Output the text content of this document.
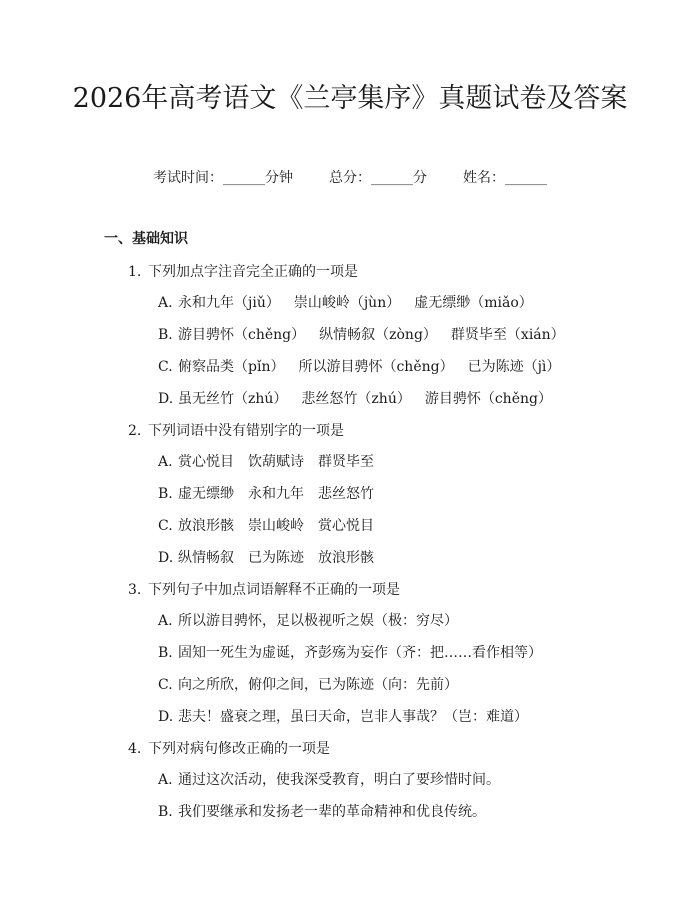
2026年高考语文《兰亭集序》真题试卷及答案
考试时间：______分钟	总分：______分	姓名：______
一、基础知识
1. 下列加点字注音完全正确的一项是
A. 永和九年（jiǔ） 崇山峻岭（jùn） 虚无缥缈（miǎo）
B. 游目骋怀（chěng） 纵情畅叙（zòng） 群贤毕至（xián）
C. 俯察品类（pǐn） 所以游目骋怀（chěng） 已为陈迹（jì）
D. 虽无丝竹（zhú） 悲丝怒竹（zhú） 游目骋怀（chěng）
2. 下列词语中没有错别字的一项是
A. 赏心悦目 饮葫赋诗 群贤毕至
B. 虚无缥缈 永和九年 悲丝怒竹
C. 放浪形骸 崇山峻岭 赏心悦目
D. 纵情畅叙 已为陈迹 放浪形骸
3. 下列句子中加点词语解释不正确的一项是
A. 所以游目骋怀，足以极视听之娱（极：穷尽）
B. 固知一死生为虚诞，齐彭殇为妄作（齐：把……看作相等）
C. 向之所欣，俯仰之间，已为陈迹（向：先前）
D. 悲夫！盛衰之理，虽曰天命，岂非人事哉？（岂：难道）
4. 下列对病句修改正确的一项是
A. 通过这次活动，使我深受教育，明白了要珍惜时间。
B. 我们要继承和发扬老一辈的革命精神和优良传统。
